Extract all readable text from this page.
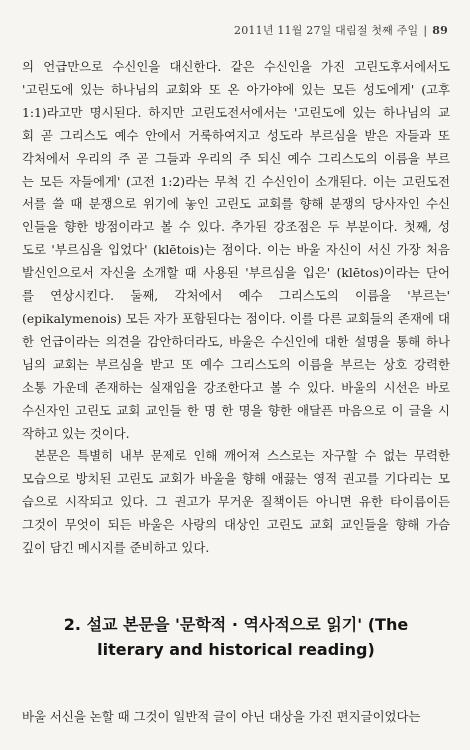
2011년 11월 27일 대림절 첫째 주일 | 89
의 언급만으로 수신인을 대신한다. 같은 수신인을 가진 고린도후서에서도
'고린도에 있는 하나님의 교회와 또 온 아가야에 있는 모든 성도에게' (고후
1:1)라고만 명시된다. 하지만 고린도전서에서는 '고린도에 있는 하나님의 교
회 곧 그리스도 예수 안에서 거룩하여지고 성도라 부르심을 받은 자들과 또
각처에서 우리의 주 곧 그들과 우리의 주 되신 예수 그리스도의 이름을 부르
는 모든 자들에게' (고전 1:2)라는 무척 긴 수신인이 소개된다. 이는 고린도전
서를 쓸 때 분쟁으로 위기에 놓인 고린도 교회를 향해 분쟁의 당사자인 수신
인들을 향한 방점이라고 볼 수 있다. 추가된 강조점은 두 부분이다. 첫째, 성
도로 '부르심을 입었다' (klētois)는 점이다. 이는 바울 자신이 서신 가장 처음
발신인으로서 자신을 소개할 때 사용된 '부르심을 입은' (klētos)이라는 단어
를 연상시킨다. 둘째, 각처에서 예수 그리스도의 이름을 '부르는'
(epikalymenois) 모든 자가 포함된다는 점이다. 이를 다른 교회들의 존재에 대
한 언급이라는 의견을 감안하더라도, 바울은 수신인에 대한 설명을 통해 하나
님의 교회는 부르심을 받고 또 예수 그리스도의 이름을 부르는 상호 강력한
소통 가운데 존재하는 실재임을 강조한다고 볼 수 있다. 바울의 시선은 바로
수신자인 고린도 교회 교인들 한 명 한 명을 향한 애달픈 마음으로 이 글을 시
작하고 있는 것이다.
본문은 특별히 내부 문제로 인해 깨어져 스스로는 자구할 수 없는 무력한
모습으로 방치된 고린도 교회가 바울을 향해 애끓는 영적 권고를 기다리는 모
습으로 시작되고 있다. 그 권고가 무거운 질책이든 아니면 유한 타이름이든
그것이 무엇이 되든 바울은 사랑의 대상인 고린도 교회 교인들을 향해 가슴
깊이 담긴 메시지를 준비하고 있다.
2. 설교 본문을 '문학적 · 역사적으로 읽기' (The
literary and historical reading)
바울 서신을 논할 때 그것이 일반적 글이 아닌 대상을 가진 편지글이었다는
